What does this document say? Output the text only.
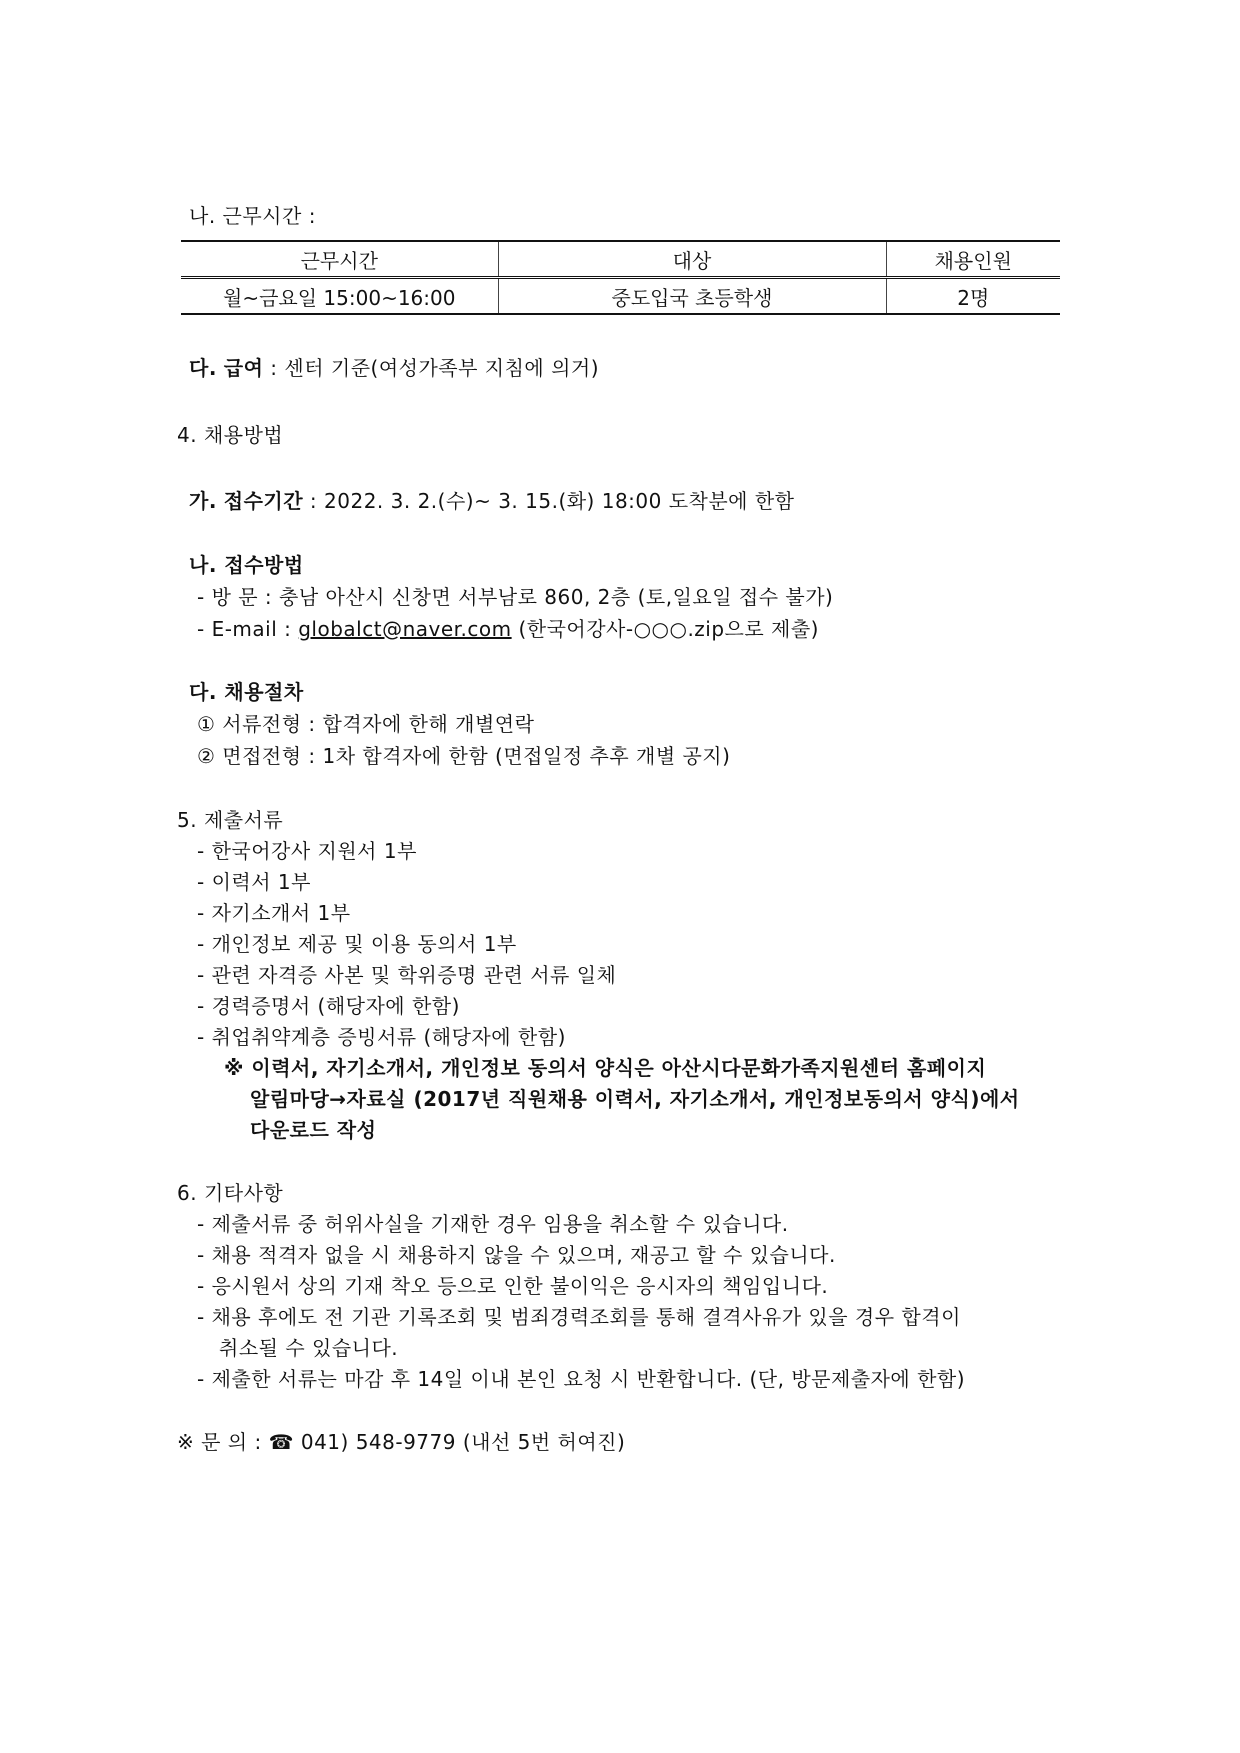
나. 근무시간 :
근무시간	대상	채용인원
월~금요일 15:00~16:00	중도입국 초등학생	2명
다. 급여 : 센터 기준(여성가족부 지침에 의거)
4. 채용방법
가. 접수기간 : 2022. 3. 2.(수)~ 3. 15.(화) 18:00 도착분에 한함
나. 접수방법
- 방 문 : 충남 아산시 신창면 서부남로 860, 2층 (토,일요일 접수 불가)
- E-mail : globalct@naver.com (한국어강사-○○○.zip으로 제출)
다. 채용절차
① 서류전형 : 합격자에 한해 개별연락
② 면접전형 : 1차 합격자에 한함 (면접일정 추후 개별 공지)
5. 제출서류
- 한국어강사 지원서 1부
- 이력서 1부
- 자기소개서 1부
- 개인정보 제공 및 이용 동의서 1부
- 관련 자격증 사본 및 학위증명 관련 서류 일체
- 경력증명서 (해당자에 한함)
- 취업취약계층 증빙서류 (해당자에 한함)
※ 이력서, 자기소개서, 개인정보 동의서 양식은 아산시다문화가족지원센터 홈페이지
알림마당→자료실 (2017년 직원채용 이력서, 자기소개서, 개인정보동의서 양식)에서
다운로드 작성
6. 기타사항
- 제출서류 중 허위사실을 기재한 경우 임용을 취소할 수 있습니다.
- 채용 적격자 없을 시 채용하지 않을 수 있으며, 재공고 할 수 있습니다.
- 응시원서 상의 기재 착오 등으로 인한 불이익은 응시자의 책임입니다.
- 채용 후에도 전 기관 기록조회 및 범죄경력조회를 통해 결격사유가 있을 경우 합격이
취소될 수 있습니다.
- 제출한 서류는 마감 후 14일 이내 본인 요청 시 반환합니다. (단, 방문제출자에 한함)
※ 문 의 : ☎ 041) 548-9779 (내선 5번 허여진)
